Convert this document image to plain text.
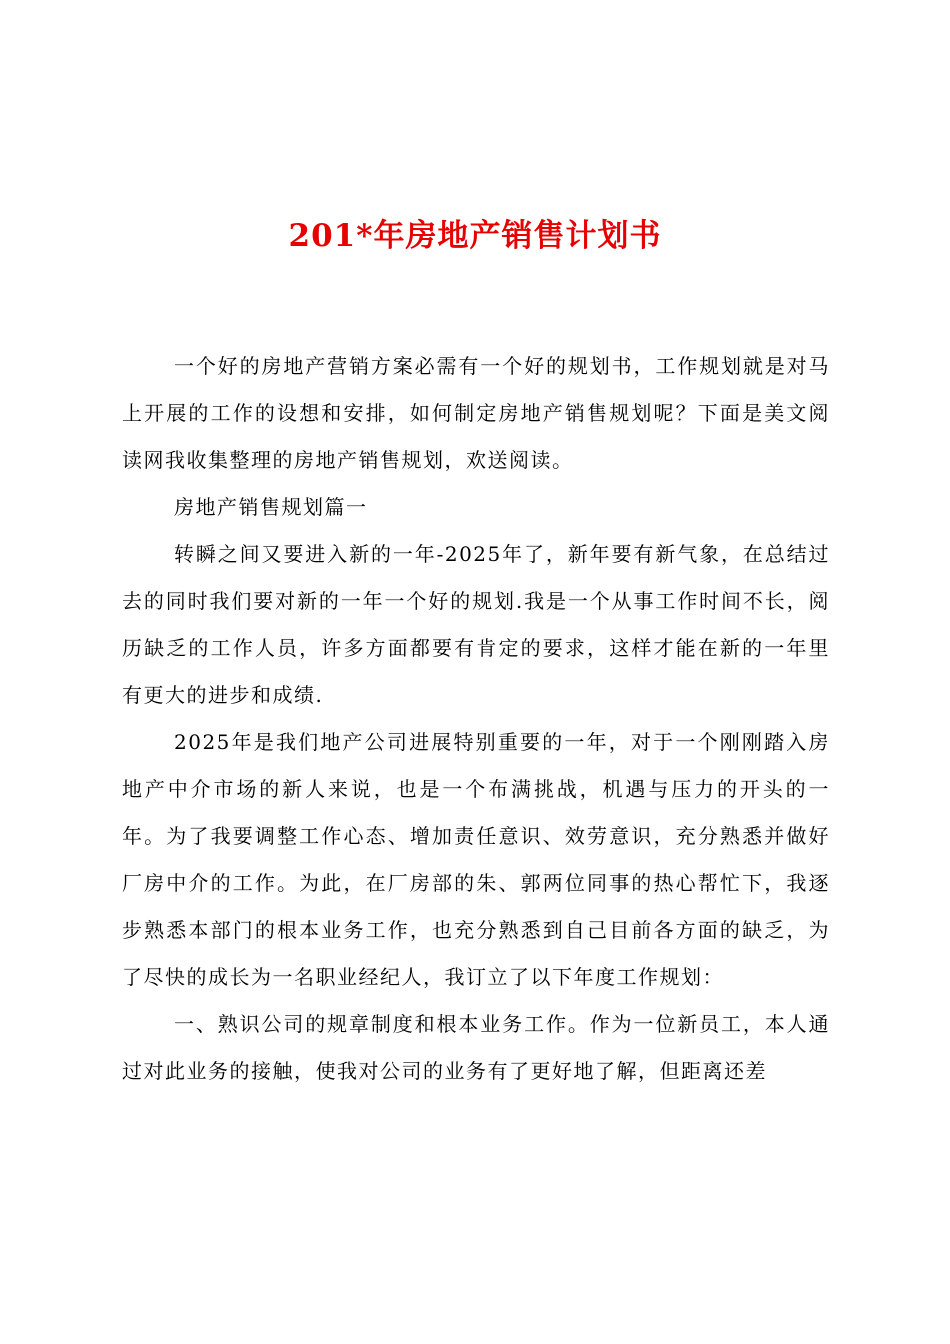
201*年房地产销售计划书

一个好的房地产营销方案必需有一个好的规划书，工作规划就是对马上开展的工作的设想和安排，如何制定房地产销售规划呢？下面是美文阅读网我收集整理的房地产销售规划，欢送阅读。

房地产销售规划篇一

转瞬之间又要进入新的一年-2025年了，新年要有新气象，在总结过去的同时我们要对新的一年一个好的规划.我是一个从事工作时间不长，阅历缺乏的工作人员，许多方面都要有肯定的要求，这样才能在新的一年里有更大的进步和成绩.

2025年是我们地产公司进展特别重要的一年，对于一个刚刚踏入房地产中介市场的新人来说，也是一个布满挑战，机遇与压力的开头的一年。为了我要调整工作心态、增加责任意识、效劳意识，充分熟悉并做好厂房中介的工作。为此，在厂房部的朱、郭两位同事的热心帮忙下，我逐步熟悉本部门的根本业务工作，也充分熟悉到自己目前各方面的缺乏，为了尽快的成长为一名职业经纪人，我订立了以下年度工作规划：

一、熟识公司的规章制度和根本业务工作。作为一位新员工，本人通过对此业务的接触，使我对公司的业务有了更好地了解，但距离还差
